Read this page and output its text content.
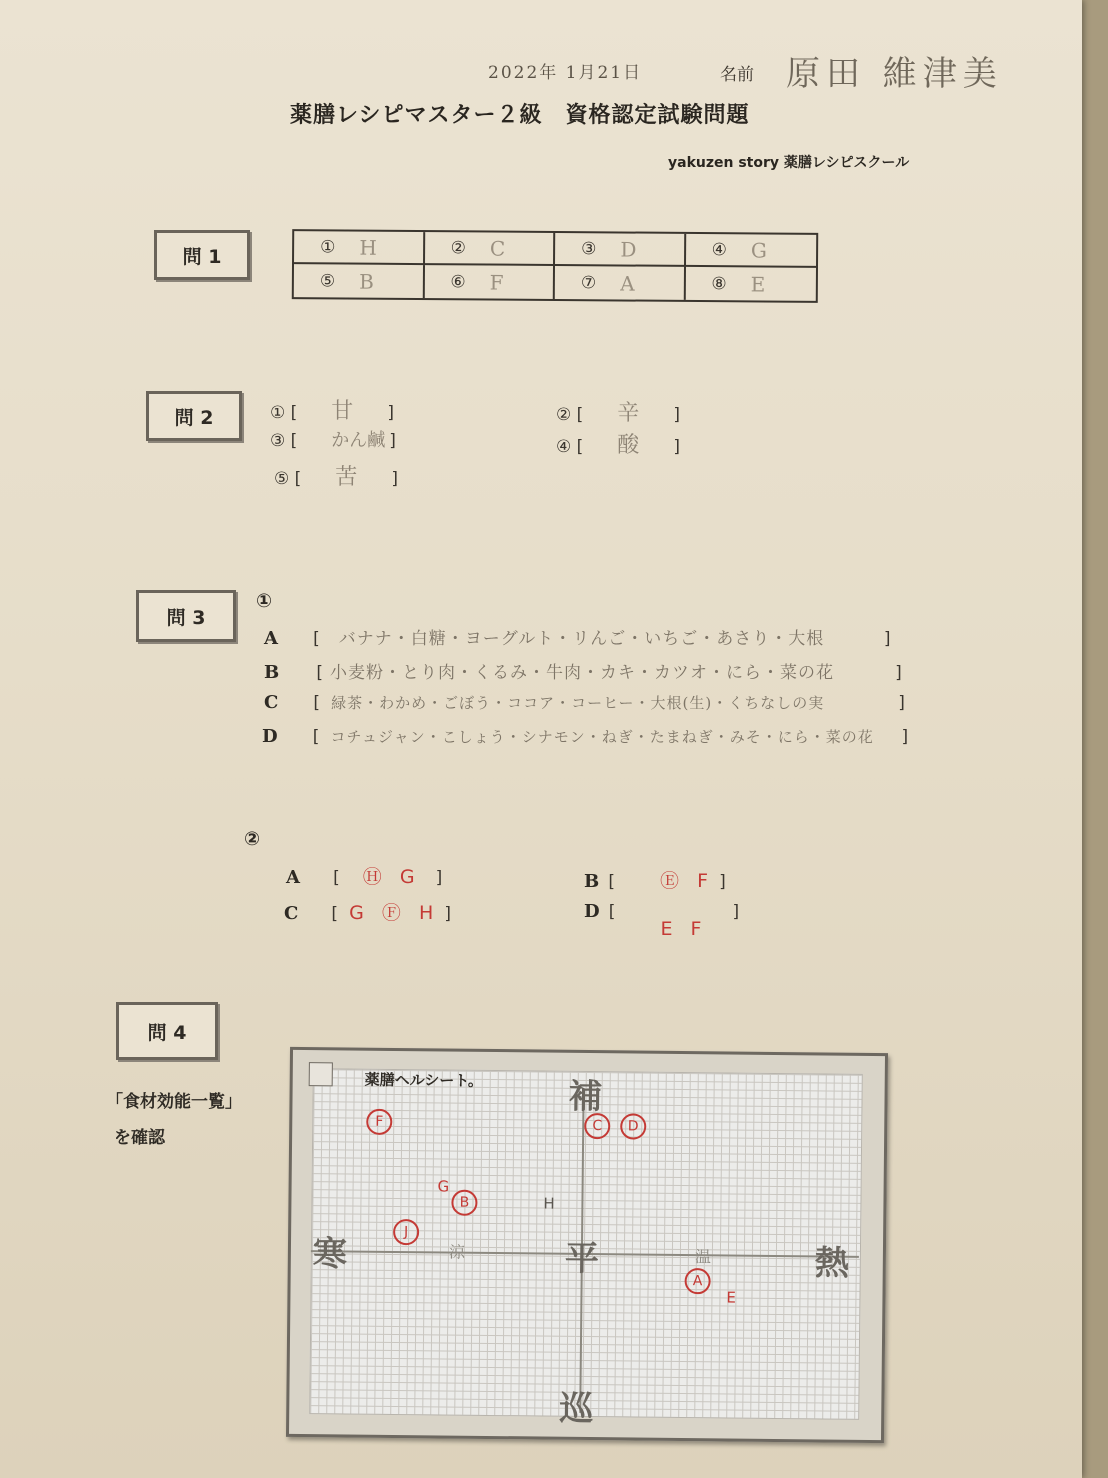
2022年 1月21日	名前 原田 維津美
薬膳レシピマスター２級　資格認定試験問題
yakuzen story 薬膳レシピスクール
問 1	① H	② C	③ D	④ G
⑤ B	⑥ F	⑦ A	⑧ E
問 2	① [ 甘 ]	② [ 辛 ]
③ [ かん鹹 ]	④ [ 酸 ]
⑤ [ 苦 ]
問 3
①
A [ バナナ・白糖・ヨーグルト・リんご・いちご・あさり・大根	]
B [ 小麦粉・とり肉・くるみ・牛肉・カキ・カツオ・にら・菜の花	]
C [ 緑茶・わかめ・ごぼう・ココア・コーヒー・大根(生)・くちなしの実	]
D [ コチュジャン・こしょう・シナモン・ねぎ・たまねぎ・みそ・にら・菜の花 ]
②
A [ Ⓗ G ]	B [ Ⓔ F ]
C [ G Ⓕ H ]	D [ E F ]
問 4
「食材効能一覧」
を確認
薬膳ヘルシート。	補
巡
寒	熱
平
涼	温
F	C	D
G
B
J
H
A
E
